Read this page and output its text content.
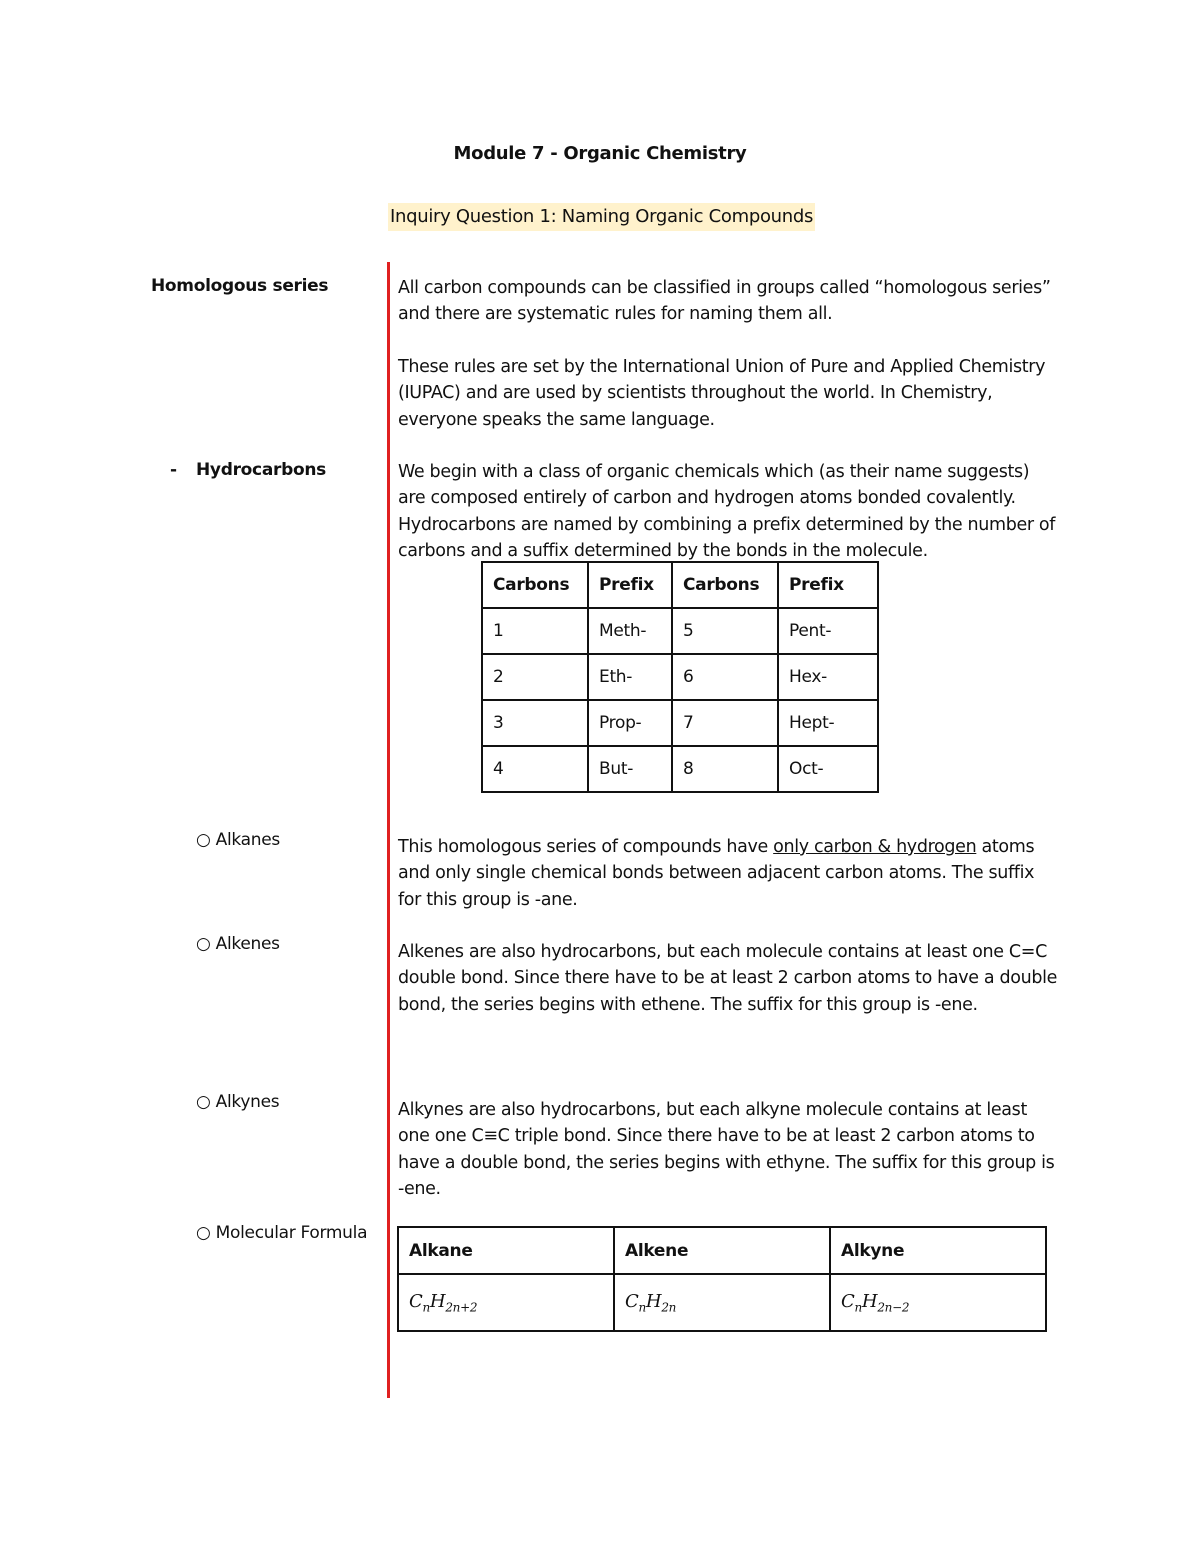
Module 7 - Organic Chemistry
Inquiry Question 1: Naming Organic Compounds
Homologous series
- Hydrocarbons
○ Alkanes
○ Alkenes
○ Alkynes
○ Molecular Formula

All carbon compounds can be classified in groups called “homologous series” and there are systematic rules for naming them all.

These rules are set by the International Union of Pure and Applied Chemistry (IUPAC) and are used by scientists throughout the world. In Chemistry, everyone speaks the same language.

We begin with a class of organic chemicals which (as their name suggests) are composed entirely of carbon and hydrogen atoms bonded covalently. Hydrocarbons are named by combining a prefix determined by the number of carbons and a suffix determined by the bonds in the molecule.

Carbons	Prefix	Carbons	Prefix
1	Meth-	5	Pent-
2	Eth-	6	Hex-
3	Prop-	7	Hept-
4	But-	8	Oct-

This homologous series of compounds have only carbon & hydrogen atoms and only single chemical bonds between adjacent carbon atoms. The suffix for this group is -ane.

Alkenes are also hydrocarbons, but each molecule contains at least one C=C double bond. Since there have to be at least 2 carbon atoms to have a double bond, the series begins with ethene. The suffix for this group is -ene.

Alkynes are also hydrocarbons, but each alkyne molecule contains at least one one C≡C triple bond. Since there have to be at least 2 carbon atoms to have a double bond, the series begins with ethyne. The suffix for this group is -ene.

Alkane	Alkene	Alkyne
$C_nH_{2n+2}$	$C_nH_{2n}$	$C_nH_{2n-2}$
